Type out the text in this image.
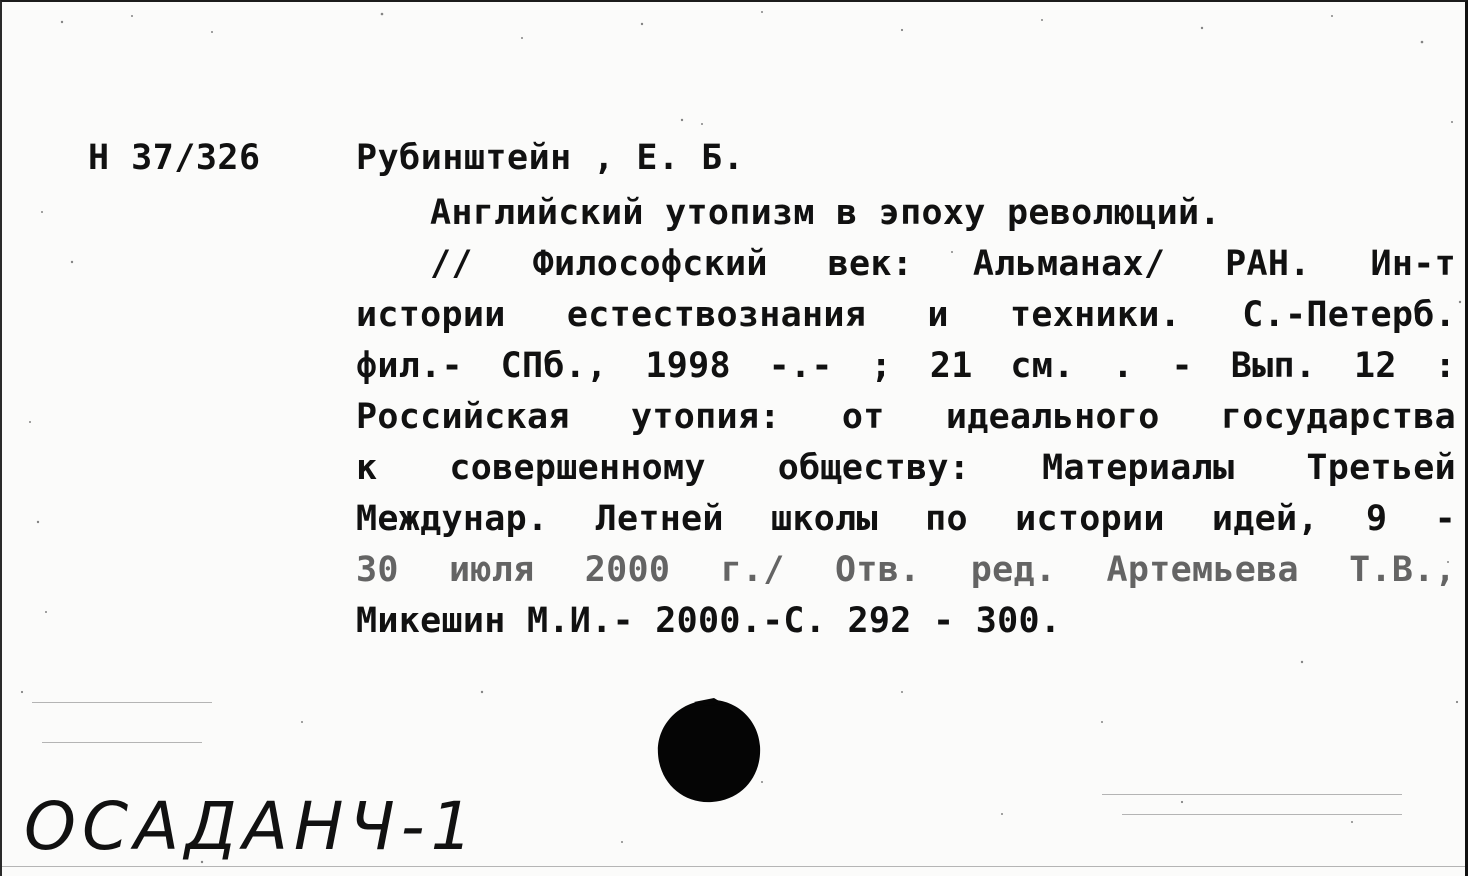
Н 37/326	Рубинштейн , Е. Б.
Английский утопизм в эпоху революций.
// Философский век: Альманах/ РАН. Ин-т
истории естествознания и техники. С.-Петерб.
фил.- СПб., 1998 -.- ; 21 см. . - Вып. 12 :
Российская утопия: от идеального государства
к совершенному обществу: Материалы Третьей
Междунар. Летней школы по истории идей, 9 -
30 июля 2000 г./ Отв. ред. Артемьева Т.В.,
Микешин М.И.- 2000.-С. 292 - 300.
ОСАДАНЧ-1
